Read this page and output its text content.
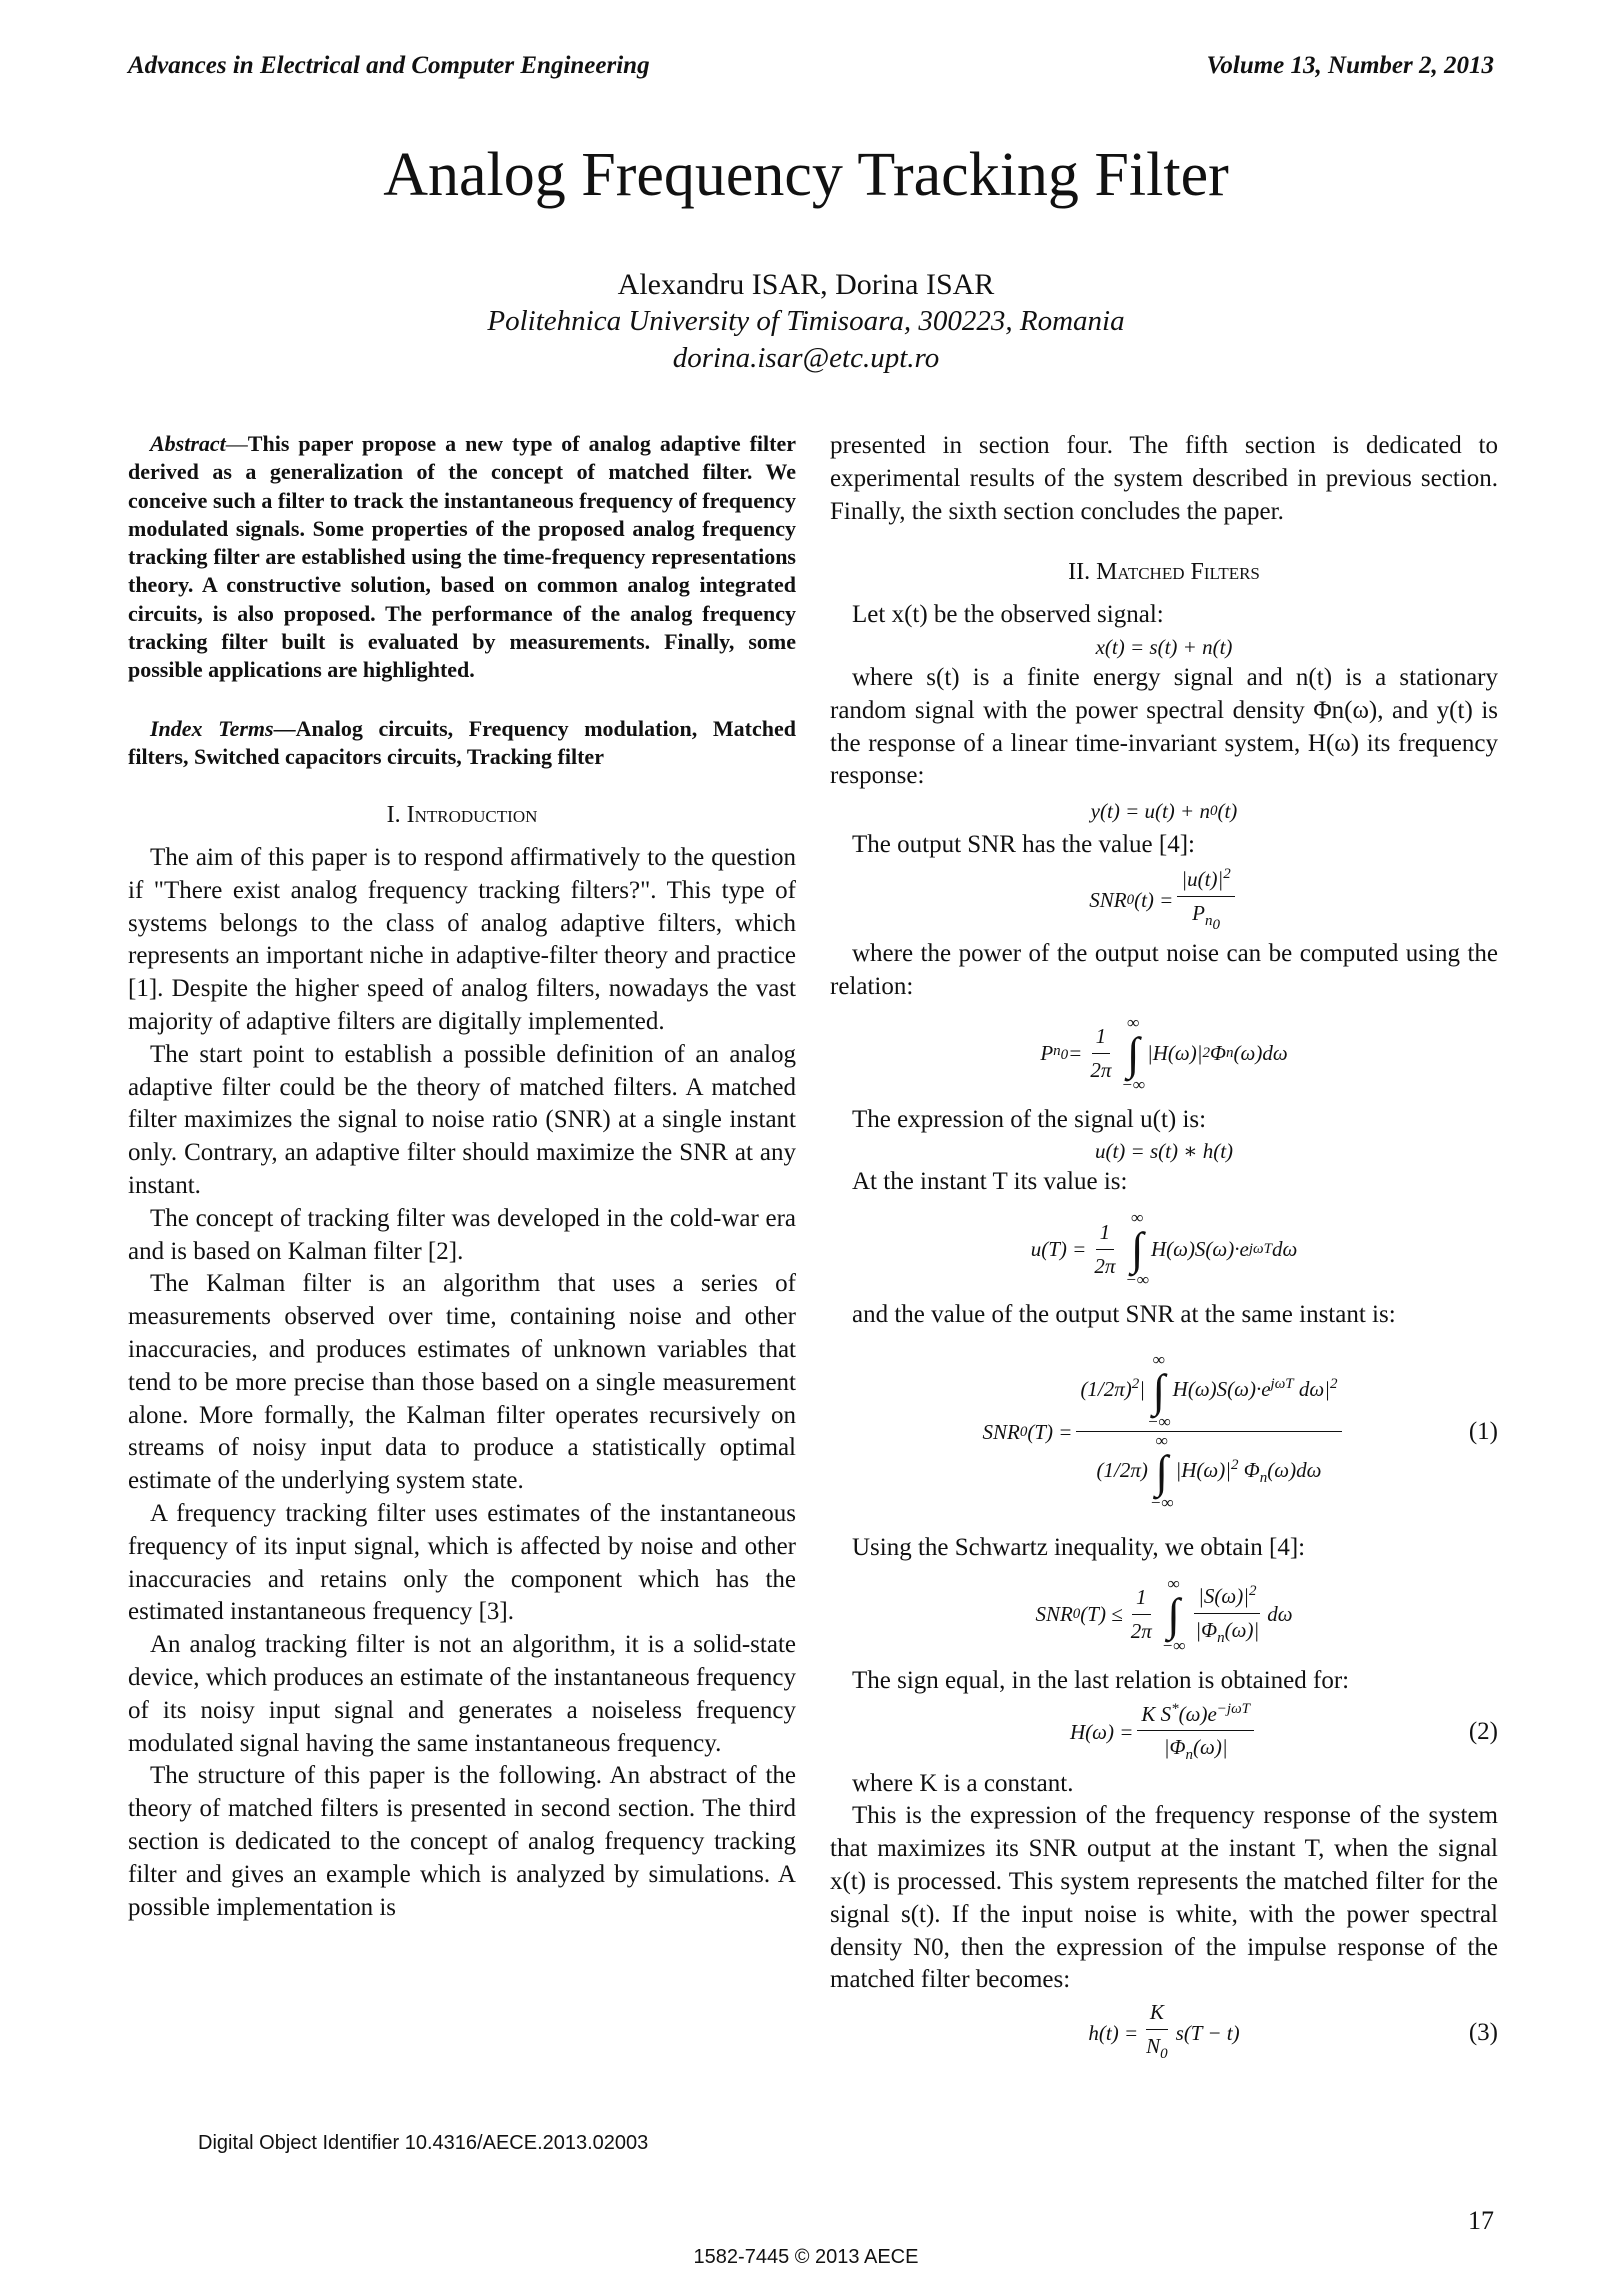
Advances in Electrical and Computer Engineering	Volume 13, Number 2, 2013
Analog Frequency Tracking Filter
Alexandru ISAR, Dorina ISAR
Politehnica University of Timisoara, 300223, Romania
dorina.isar@etc.upt.ro

Abstract—This paper propose a new type of analog adaptive filter derived as a generalization of the concept of matched filter. We conceive such a filter to track the instantaneous frequency of frequency modulated signals. Some properties of the proposed analog frequency tracking filter are established using the time-frequency representations theory. A constructive solution, based on common analog integrated circuits, is also proposed. The performance of the analog frequency tracking filter built is evaluated by measurements. Finally, some possible applications are highlighted.

Index Terms—Analog circuits, Frequency modulation, Matched filters, Switched capacitors circuits, Tracking filter

I. Introduction

The aim of this paper is to respond affirmatively to the question if "There exist analog frequency tracking filters?". This type of systems belongs to the class of analog adaptive filters, which represents an important niche in adaptive-filter theory and practice [1]. Despite the higher speed of analog filters, nowadays the vast majority of adaptive filters are digitally implemented.

The start point to establish a possible definition of an analog adaptive filter could be the theory of matched filters. A matched filter maximizes the signal to noise ratio (SNR) at a single instant only. Contrary, an adaptive filter should maximize the SNR at any instant.

The concept of tracking filter was developed in the cold-war era and is based on Kalman filter [2].

The Kalman filter is an algorithm that uses a series of measurements observed over time, containing noise and other inaccuracies, and produces estimates of unknown variables that tend to be more precise than those based on a single measurement alone. More formally, the Kalman filter operates recursively on streams of noisy input data to produce a statistically optimal estimate of the underlying system state.

A frequency tracking filter uses estimates of the instantaneous frequency of its input signal, which is affected by noise and other inaccuracies and retains only the component which has the estimated instantaneous frequency [3].

An analog tracking filter is not an algorithm, it is a solid-state device, which produces an estimate of the instantaneous frequency of its noisy input signal and generates a noiseless frequency modulated signal having the same instantaneous frequency.

The structure of this paper is the following. An abstract of the theory of matched filters is presented in second section. The third section is dedicated to the concept of analog frequency tracking filter and gives an example which is analyzed by simulations. A possible implementation is

presented in section four. The fifth section is dedicated to experimental results of the system described in previous section. Finally, the sixth section concludes the paper.

II. Matched Filters

Let x(t) be the observed signal:

x(t) = s(t) + n(t)

where s(t) is a finite energy signal and n(t) is a stationary random signal with the power spectral density Φn(ω), and y(t) is the response of a linear time-invariant system, H(ω) its frequency response:

y(t) = u(t) + n 0 (t)

The output SNR has the value [4]:

SNR 0 $(t) = \frac{|u(t)|^2}{P_{n_0}}$

where the power of the output noise can be computed using the relation:

P $n_0 = \frac{1}{2\pi}$ ∞
∫
−∞
|H(ω)| 2 Φ n (ω)dω

The expression of the signal u(t) is:

u(t) = s(t) ∗ h(t)

At the instant T its value is:

$u(T) = \frac{1}{2\pi}$ ∞
∫
−∞
H(ω)S(ω)·e jωT dω

and the value of the output SNR at the same instant is:

SNR 0 $(T) = (1/2\pi)^2|$
∞
∫
−∞
$H(\omega)S(\omega)\cdot e^{j\omega T}$ $d\omega|^2$
(1/2π)
∞
∫
−∞
$|H(\omega)|^2$ $\Phi_n(\omega)d\omega$	(1)

Using the Schwartz inequality, we obtain [4]:

SNR 0 $(T) \le \frac{1}{2\pi}$ ∞
∫
−∞ $\frac{|S(\omega)|^2}{|\Phi_n(\omega)|}$ dω

The sign equal, in the last relation is obtained for:

$H(\omega) = \frac{K S^*(\omega)e^{-j\omega T}}{|\Phi_n(\omega)|}$	(2)

where K is a constant.

This is the expression of the frequency response of the system that maximizes its SNR output at the instant T, when the signal x(t) is processed. This system represents the matched filter for the signal s(t). If the input noise is white, with the power spectral density N0, then the expression of the impulse response of the matched filter becomes:

$h(t) = \frac{K}{N_0} s(T - t)$	(3)
Digital Object Identifier 10.4316/AECE.2013.02003
17
1582-7445 © 2013 AECE
